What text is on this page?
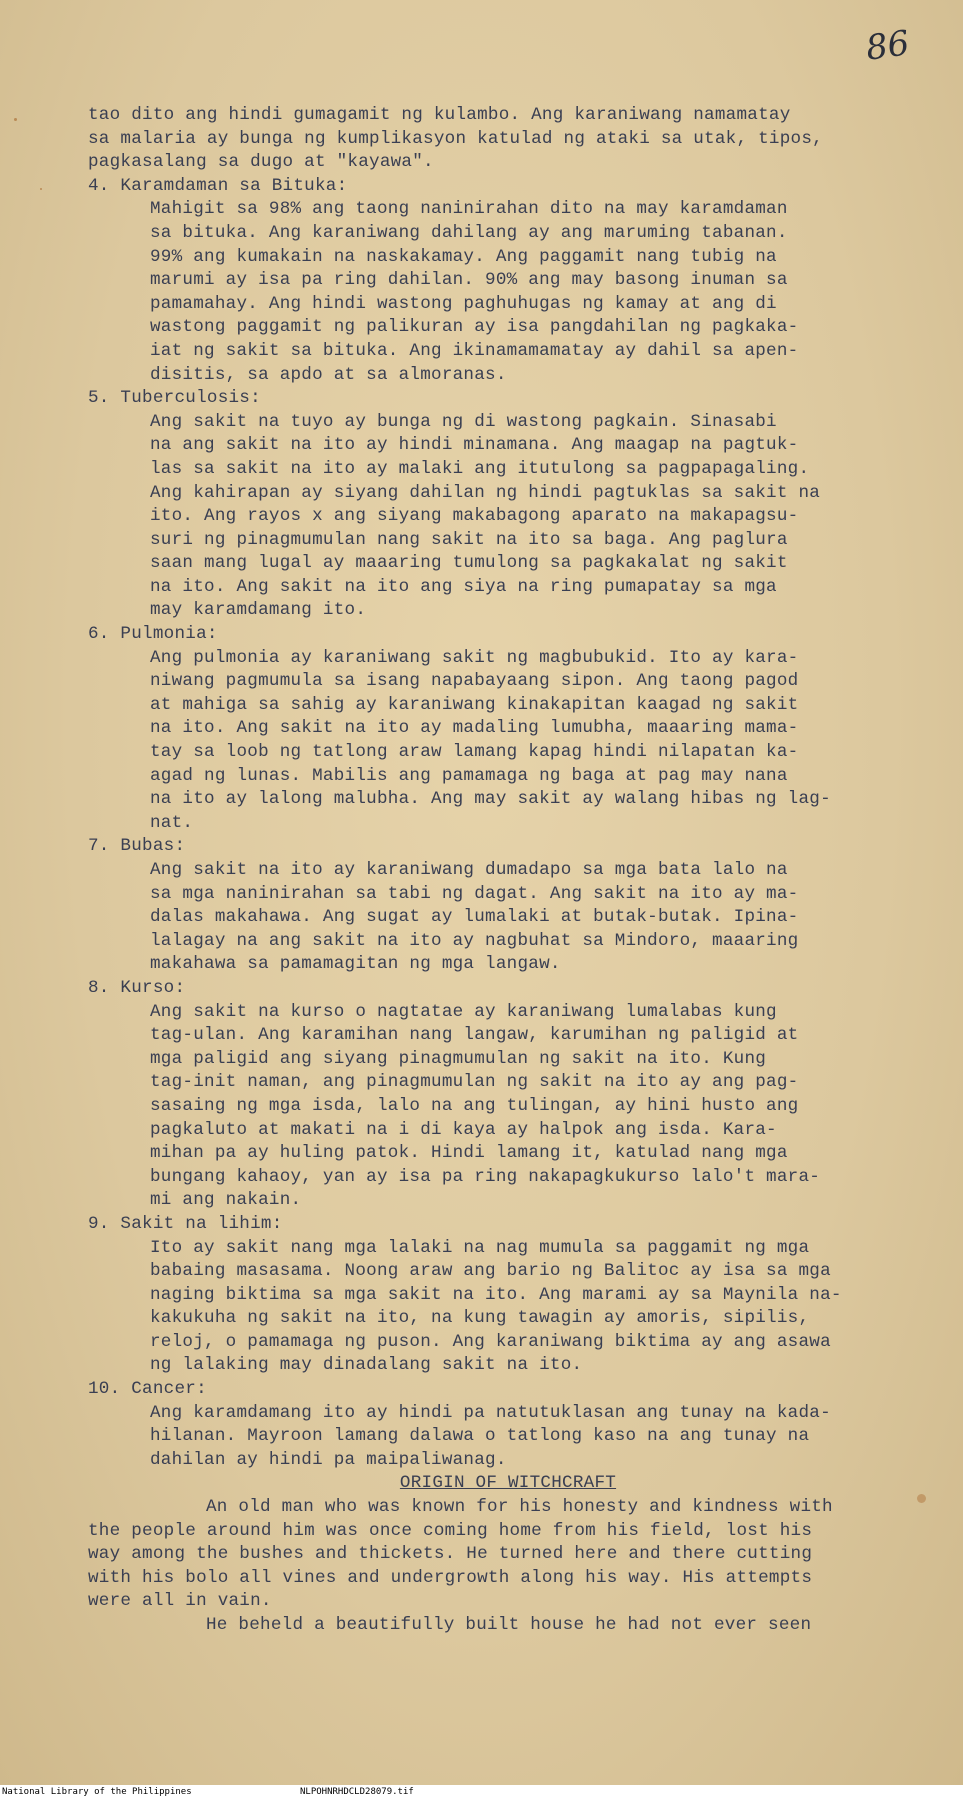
86

tao dito ang hindi gumagamit ng kulambo. Ang karaniwang namamatay

sa malaria ay bunga ng kumplikasyon katulad ng ataki sa utak, tipos,

pagkasalang sa dugo at "kayawa".

4. Karamdaman sa Bituka:

Mahigit sa 98% ang taong naninirahan dito na may karamdaman

sa bituka. Ang karaniwang dahilang ay ang maruming tabanan.

99% ang kumakain na naskakamay. Ang paggamit nang tubig na

marumi ay isa pa ring dahilan. 90% ang may basong inuman sa

pamamahay. Ang hindi wastong paghuhugas ng kamay at ang di

wastong paggamit ng palikuran ay isa pangdahilan ng pagkaka-

iat ng sakit sa bituka. Ang ikinamamamatay ay dahil sa apen-

disitis, sa apdo at sa almoranas.

5. Tuberculosis:

Ang sakit na tuyo ay bunga ng di wastong pagkain. Sinasabi

na ang sakit na ito ay hindi minamana. Ang maagap na pagtuk-

las sa sakit na ito ay malaki ang itutulong sa pagpapagaling.

Ang kahirapan ay siyang dahilan ng hindi pagtuklas sa sakit na

ito. Ang rayos x ang siyang makabagong aparato na makapagsu-

suri ng pinagmumulan nang sakit na ito sa baga. Ang paglura

saan mang lugal ay maaaring tumulong sa pagkakalat ng sakit

na ito. Ang sakit na ito ang siya na ring pumapatay sa mga

may karamdamang ito.

6. Pulmonia:

Ang pulmonia ay karaniwang sakit ng magbubukid. Ito ay kara-

niwang pagmumula sa isang napabayaang sipon. Ang taong pagod

at mahiga sa sahig ay karaniwang kinakapitan kaagad ng sakit

na ito. Ang sakit na ito ay madaling lumubha, maaaring mama-

tay sa loob ng tatlong araw lamang kapag hindi nilapatan ka-

agad ng lunas. Mabilis ang pamamaga ng baga at pag may nana

na ito ay lalong malubha. Ang may sakit ay walang hibas ng lag-

nat.

7. Bubas:

Ang sakit na ito ay karaniwang dumadapo sa mga bata lalo na

sa mga naninirahan sa tabi ng dagat. Ang sakit na ito ay ma-

dalas makahawa. Ang sugat ay lumalaki at butak-butak. Ipina-

lalagay na ang sakit na ito ay nagbuhat sa Mindoro, maaaring

makahawa sa pamamagitan ng mga langaw.

8. Kurso:

Ang sakit na kurso o nagtatae ay karaniwang lumalabas kung

tag-ulan. Ang karamihan nang langaw, karumihan ng paligid at

mga paligid ang siyang pinagmumulan ng sakit na ito. Kung

tag-init naman, ang pinagmumulan ng sakit na ito ay ang pag-

sasaing ng mga isda, lalo na ang tulingan, ay hini husto ang

pagkaluto at makati na i di kaya ay halpok ang isda. Kara-

mihan pa ay huling patok. Hindi lamang it, katulad nang mga

bungang kahaoy, yan ay isa pa ring nakapagkukurso lalo't mara-

mi ang nakain.

9. Sakit na lihim:

Ito ay sakit nang mga lalaki na nag mumula sa paggamit ng mga

babaing masasama. Noong araw ang bario ng Balitoc ay isa sa mga

naging biktima sa mga sakit na ito. Ang marami ay sa Maynila na-

kakukuha ng sakit na ito, na kung tawagin ay amoris, sipilis,

reloj, o pamamaga ng puson. Ang karaniwang biktima ay ang asawa

ng lalaking may dinadalang sakit na ito.

10. Cancer:

Ang karamdamang ito ay hindi pa natutuklasan ang tunay na kada-

hilanan. Mayroon lamang dalawa o tatlong kaso na ang tunay na

dahilan ay hindi pa maipaliwanag.

ORIGIN OF WITCHCRAFT

An old man who was known for his honesty and kindness with

the people around him was once coming home from his field, lost his

way among the bushes and thickets. He turned here and there cutting

with his bolo all vines and undergrowth along his way. His attempts

were all in vain.

He beheld a beautifully built house he had not ever seen

National Library of the Philippines	NLPOHNRHDCLD28079.tif
